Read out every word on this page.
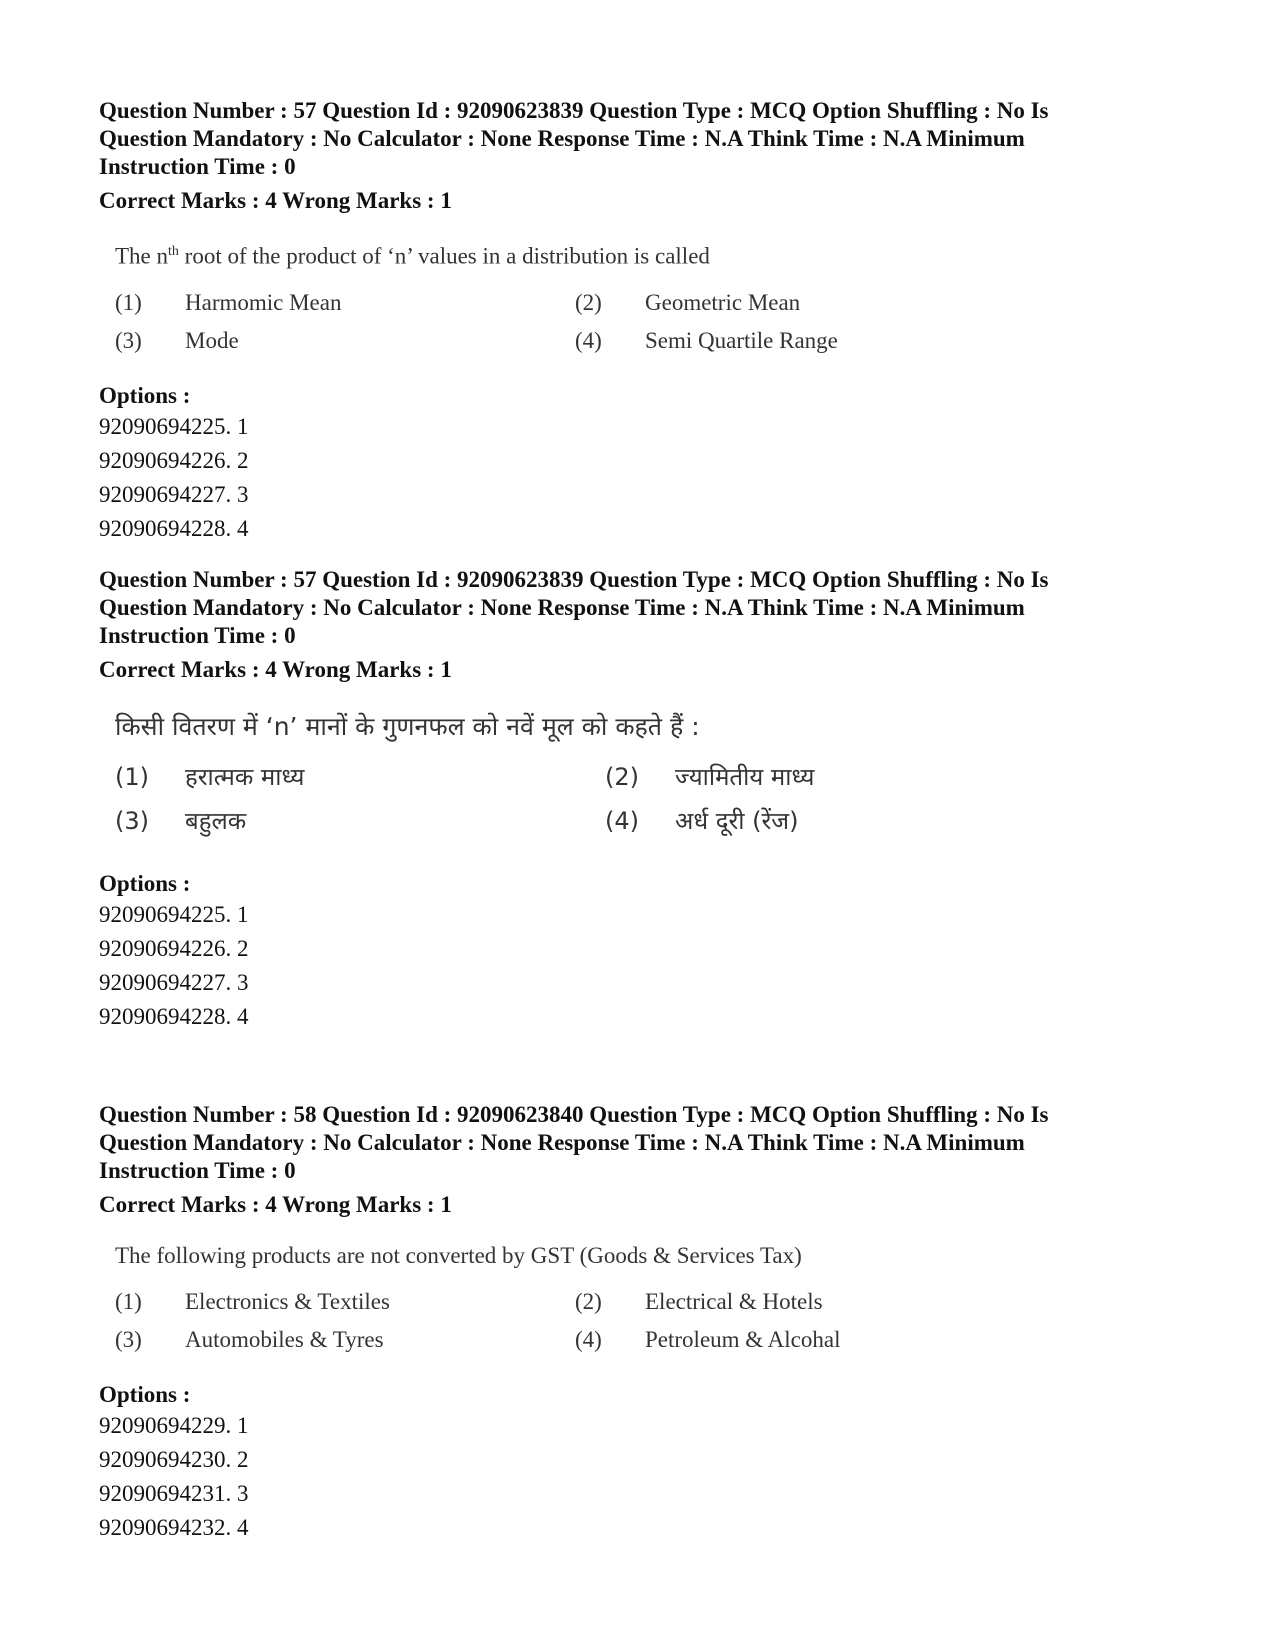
Question Number : 57 Question Id : 92090623839 Question Type : MCQ Option Shuffling : No Is

Question Mandatory : No Calculator : None Response Time : N.A Think Time : N.A Minimum

Instruction Time : 0

Correct Marks : 4 Wrong Marks : 1
The $n^{th}$ root of the product of ‘n’ values in a distribution is called
(1) Harmomic Mean	(2) Geometric Mean
(3) Mode	(4) Semi Quartile Range
Options :
92090694225. 1
92090694226. 2
92090694227. 3
92090694228. 4

Question Number : 57 Question Id : 92090623839 Question Type : MCQ Option Shuffling : No Is

Question Mandatory : No Calculator : None Response Time : N.A Think Time : N.A Minimum

Instruction Time : 0

Correct Marks : 4 Wrong Marks : 1
किसी वितरण में ‘n’ मानों के गुणनफल को नवें मूल को कहते हैं :
(1) हरात्मक माध्य	(2) ज्यामितीय माध्य
(3) बहुलक	(4) अर्ध दूरी (रेंज)
Options :
92090694225. 1
92090694226. 2
92090694227. 3
92090694228. 4

Question Number : 58 Question Id : 92090623840 Question Type : MCQ Option Shuffling : No Is

Question Mandatory : No Calculator : None Response Time : N.A Think Time : N.A Minimum

Instruction Time : 0

Correct Marks : 4 Wrong Marks : 1
The following products are not converted by GST (Goods & Services Tax)
(1) Electronics & Textiles	(2) Electrical & Hotels
(3) Automobiles & Tyres	(4) Petroleum & Alcohal
Options :
92090694229. 1
92090694230. 2
92090694231. 3
92090694232. 4
